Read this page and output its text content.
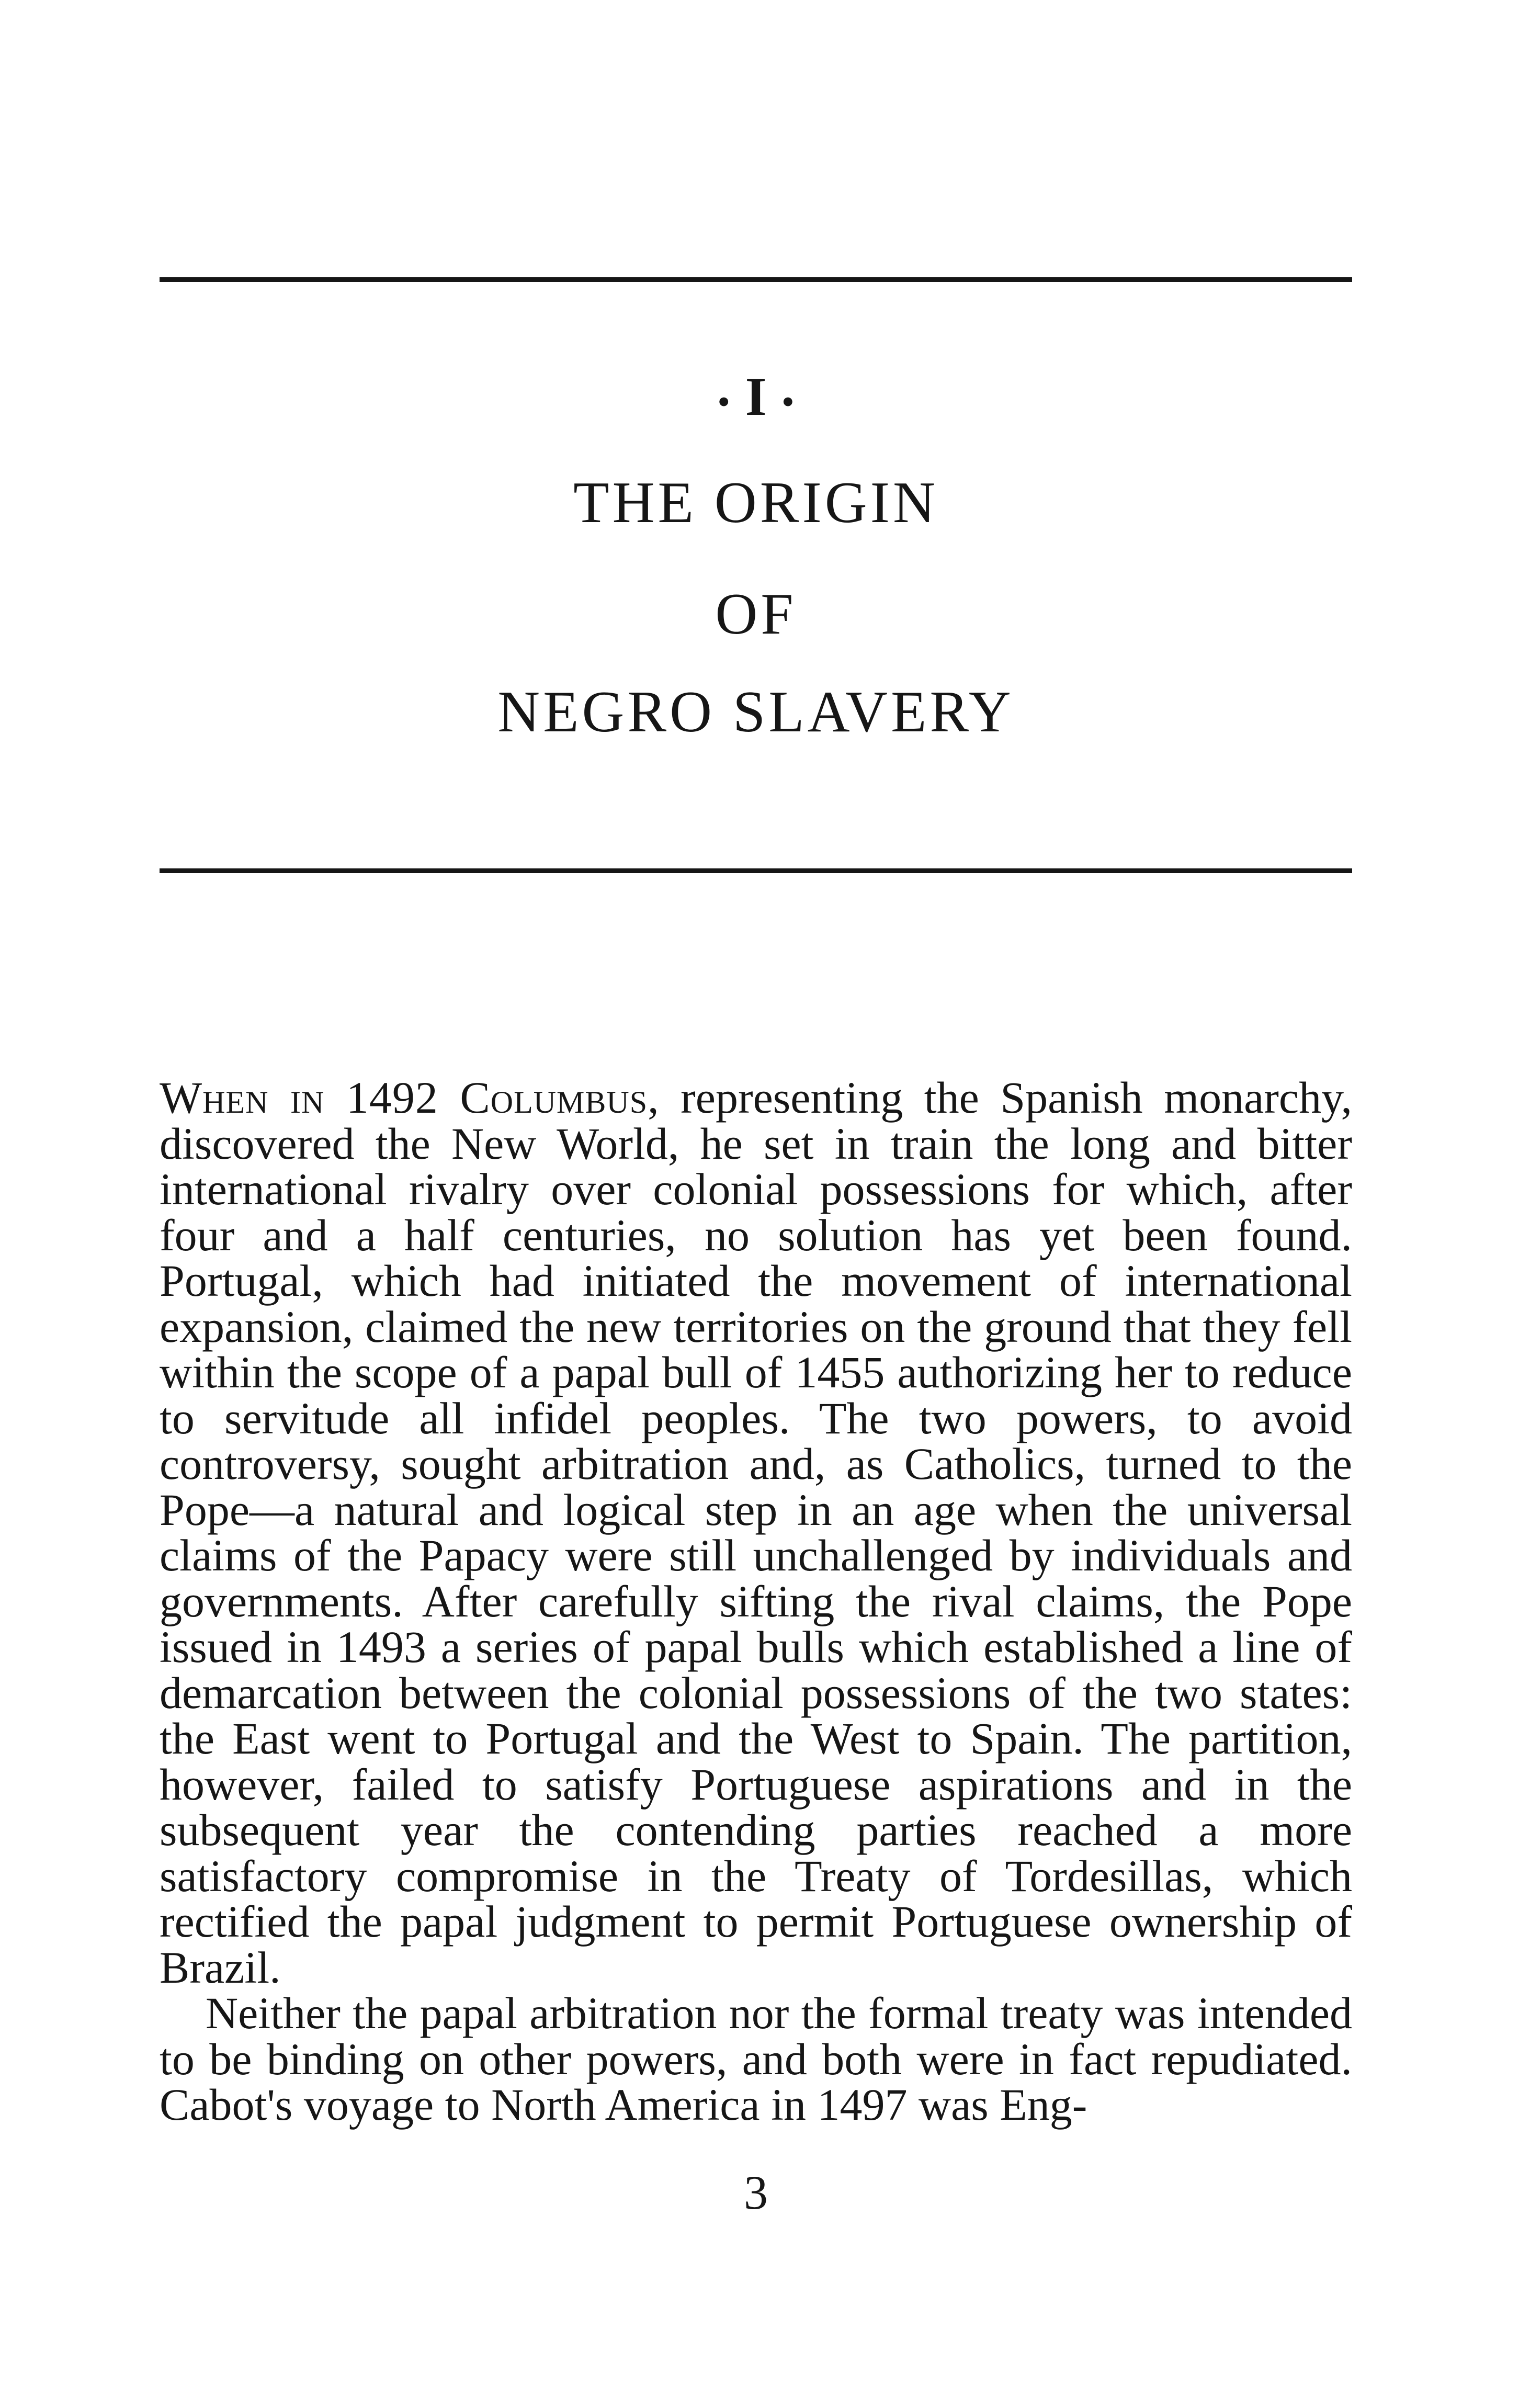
• I •
THE ORIGIN
OF
NEGRO SLAVERY

When in 1492 Columbus, representing the Spanish monarchy, discovered the New World, he set in train the long and bitter international rivalry over colonial possessions for which, after four and a half centuries, no solution has yet been found. Portugal, which had initiated the movement of international expansion, claimed the new territories on the ground that they fell within the scope of a papal bull of 1455 authorizing her to reduce to servitude all infidel peoples. The two powers, to avoid controversy, sought arbitration and, as Catholics, turned to the Pope—a natural and logical step in an age when the universal claims of the Papacy were still unchallenged by individuals and governments. After carefully sifting the rival claims, the Pope issued in 1493 a series of papal bulls which established a line of demarcation between the colonial possessions of the two states: the East went to Portugal and the West to Spain. The partition, however, failed to satisfy Portuguese aspirations and in the subsequent year the contending parties reached a more satisfactory compromise in the Treaty of Tordesillas, which rectified the papal judgment to permit Portuguese ownership of Brazil.

Neither the papal arbitration nor the formal treaty was intended to be binding on other powers, and both were in fact repudiated. Cabot's voyage to North America in 1497 was Eng-

3
